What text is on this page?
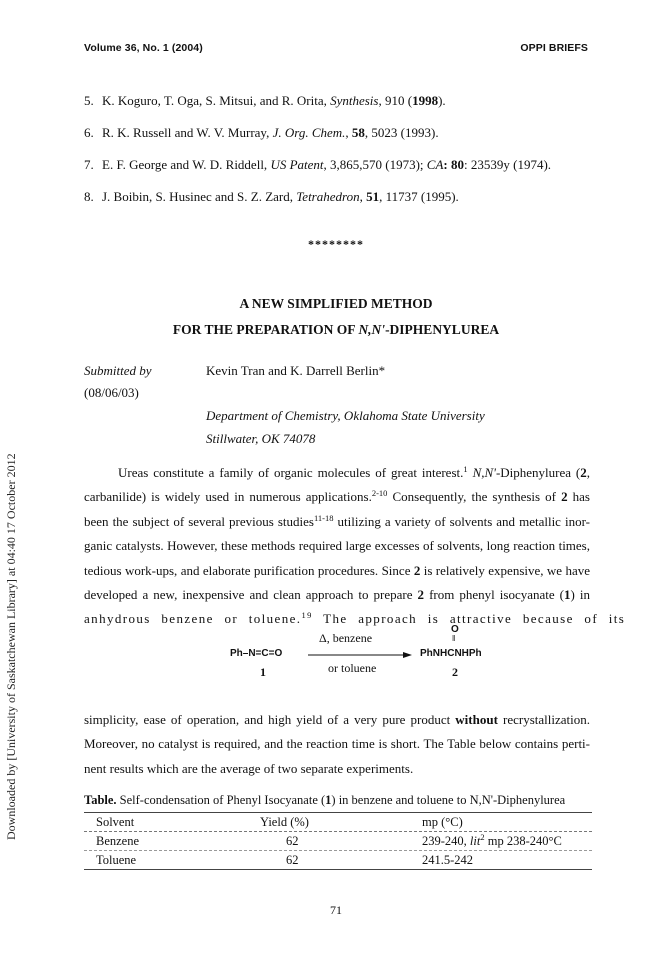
Volume 36, No. 1 (2004)	OPPI BRIEFS
Downloaded by [University of Saskatchewan Library] at 04:40 17 October 2012
5. K. Koguro, T. Oga, S. Mitsui, and R. Orita, Synthesis, 910 (1998).
6. R. K. Russell and W. V. Murray, J. Org. Chem., 58, 5023 (1993).
7. E. F. George and W. D. Riddell, US Patent, 3,865,570 (1973); CA: 80: 23539y (1974).
8. J. Boibin, S. Husinec and S. Z. Zard, Tetrahedron, 51, 11737 (1995).
********
A NEW SIMPLIFIED METHOD
FOR THE PREPARATION OF N,N'-DIPHENYLUREA
Submitted by
(08/06/03)
Kevin Tran and K. Darrell Berlin*
Department of Chemistry, Oklahoma State University
Stillwater, OK 74078
Ureas constitute a family of organic molecules of great interest.$^1$ N,N'-Diphenylurea (2,
carbanilide) is widely used in numerous applications.$^{2-10}$ Consequently, the synthesis of 2 has
been the subject of several previous studies$^{11-18}$ utilizing a variety of solvents and metallic inor-
ganic catalysts. However, these methods required large excesses of solvents, long reaction times,
tedious work-ups, and elaborate purification procedures. Since 2 is relatively expensive, we have
developed a new, inexpensive and clean approach to prepare 2 from phenyl isocyanate (1) in
anhydrous benzene or toluene.$^{19}$ The approach is attractive because of its
Ph–N=C=O
1
Δ, benzene
or toluene
O
‖
PhNHCNHPh
2
simplicity, ease of operation, and high yield of a very pure product without recrystallization.
Moreover, no catalyst is required, and the reaction time is short. The Table below contains perti-
nent results which are the average of two separate experiments.
Table. Self-condensation of Phenyl Isocyanate (1) in benzene and toluene to N,N'-Diphenylurea
Solvent	Yield (%)	mp (°C)
Benzene	62	239-240, lit$^2$ mp 238-240°C
Toluene	62	241.5-242
71
